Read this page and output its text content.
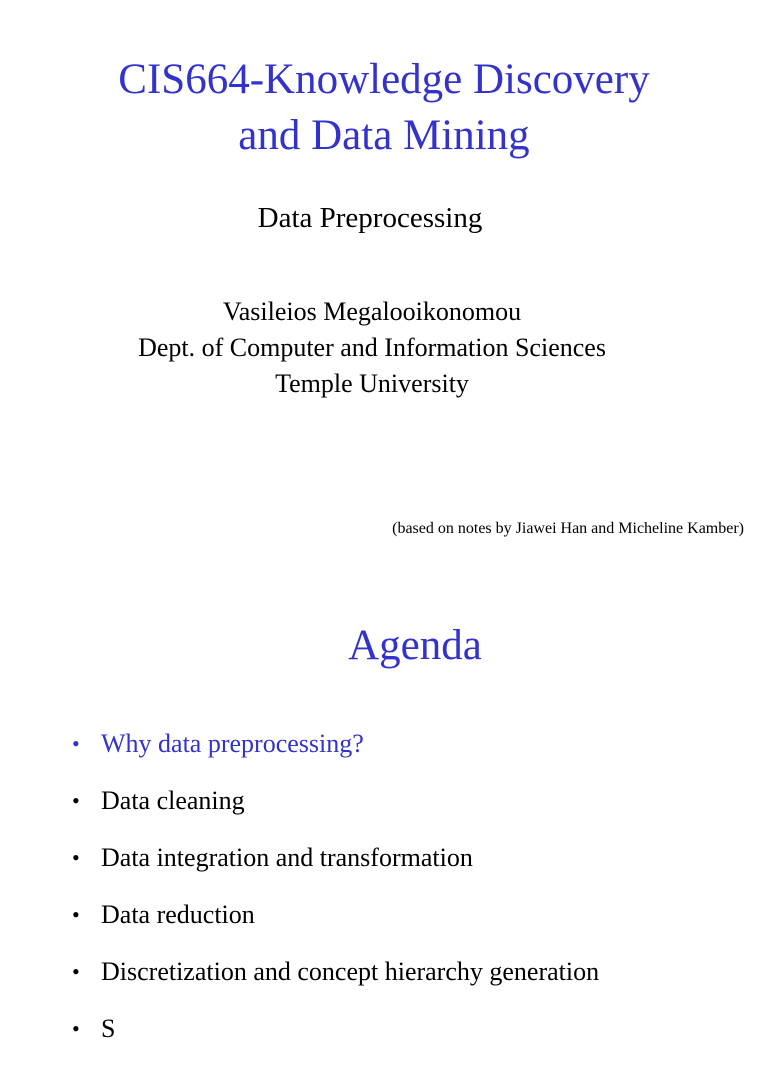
CIS664-Knowledge Discovery
and Data Mining
Data Preprocessing
Vasileios Megalooikonomou
Dept. of Computer and Information Sciences
Temple University
(based on notes by Jiawei Han and Micheline Kamber)
Agenda
• Why data preprocessing?
• Data cleaning
• Data integration and transformation
• Data reduction
• Discretization and concept hierarchy generation
• S
